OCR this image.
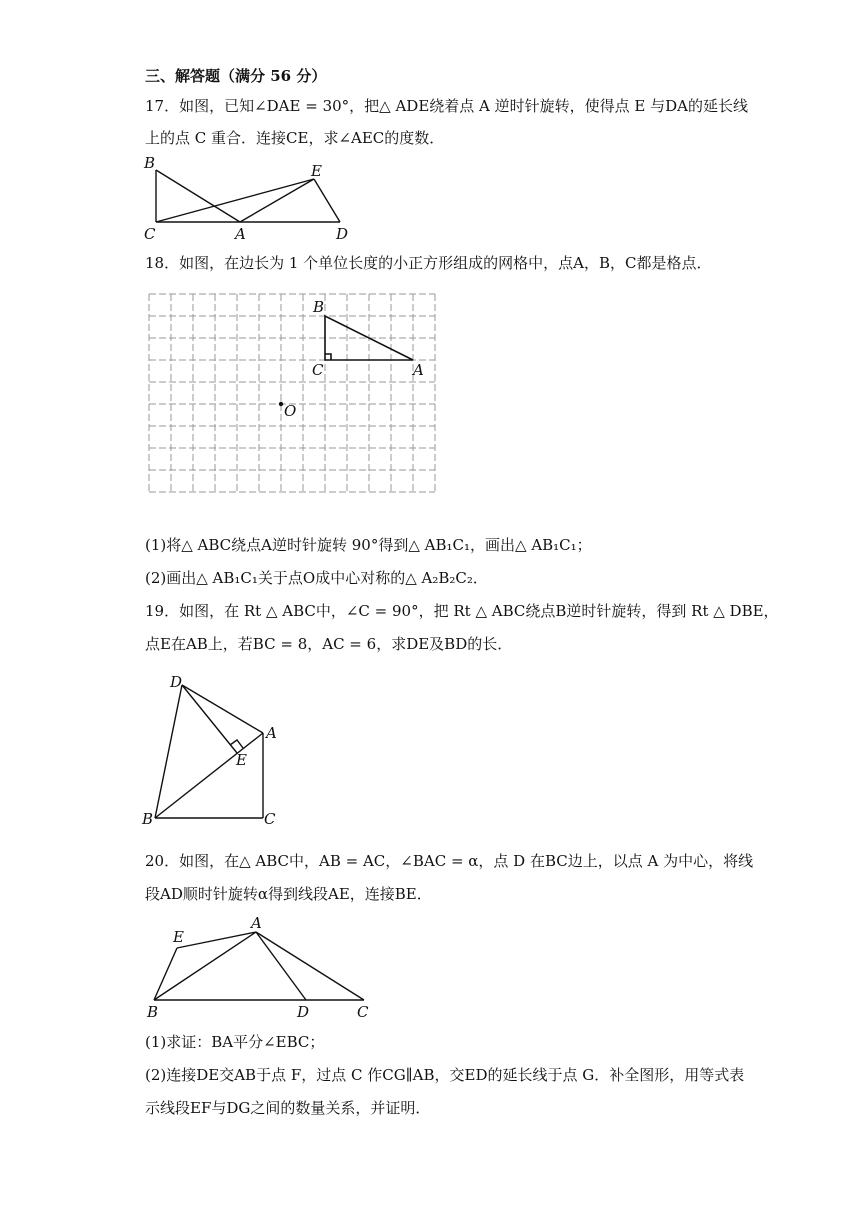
三、解答题（满分 56 分）
17．如图，已知∠DAE = 30°，把△ ADE绕着点 A 逆时针旋转，使得点 E 与DA的延长线
上的点 C 重合．连接CE，求∠AEC的度数．
B	E
C	A	D
18．如图，在边长为 1 个单位长度的小正方形组成的网格中，点A，B，C都是格点．
B
C	A
O
(1)将△ ABC绕点A逆时针旋转 90°得到△ AB₁C₁，画出△ AB₁C₁；
(2)画出△ AB₁C₁关于点O成中心对称的△ A₂B₂C₂．
19．如图，在 Rt △ ABC中，∠C = 90°，把 Rt △ ABC绕点B逆时针旋转，得到 Rt △ DBE，
点E在AB上，若BC = 8，AC = 6，求DE及BD的长．
D
A
E
B	C
20．如图，在△ ABC中，AB = AC，∠BAC = α，点 D 在BC边上，以点 A 为中心，将线
段AD顺时针旋转α得到线段AE，连接BE．
A
E
B	D	C
(1)求证：BA平分∠EBC；
(2)连接DE交AB于点 F，过点 C 作CG∥AB，交ED的延长线于点 G．补全图形，用等式表
示线段EF与DG之间的数量关系，并证明．
